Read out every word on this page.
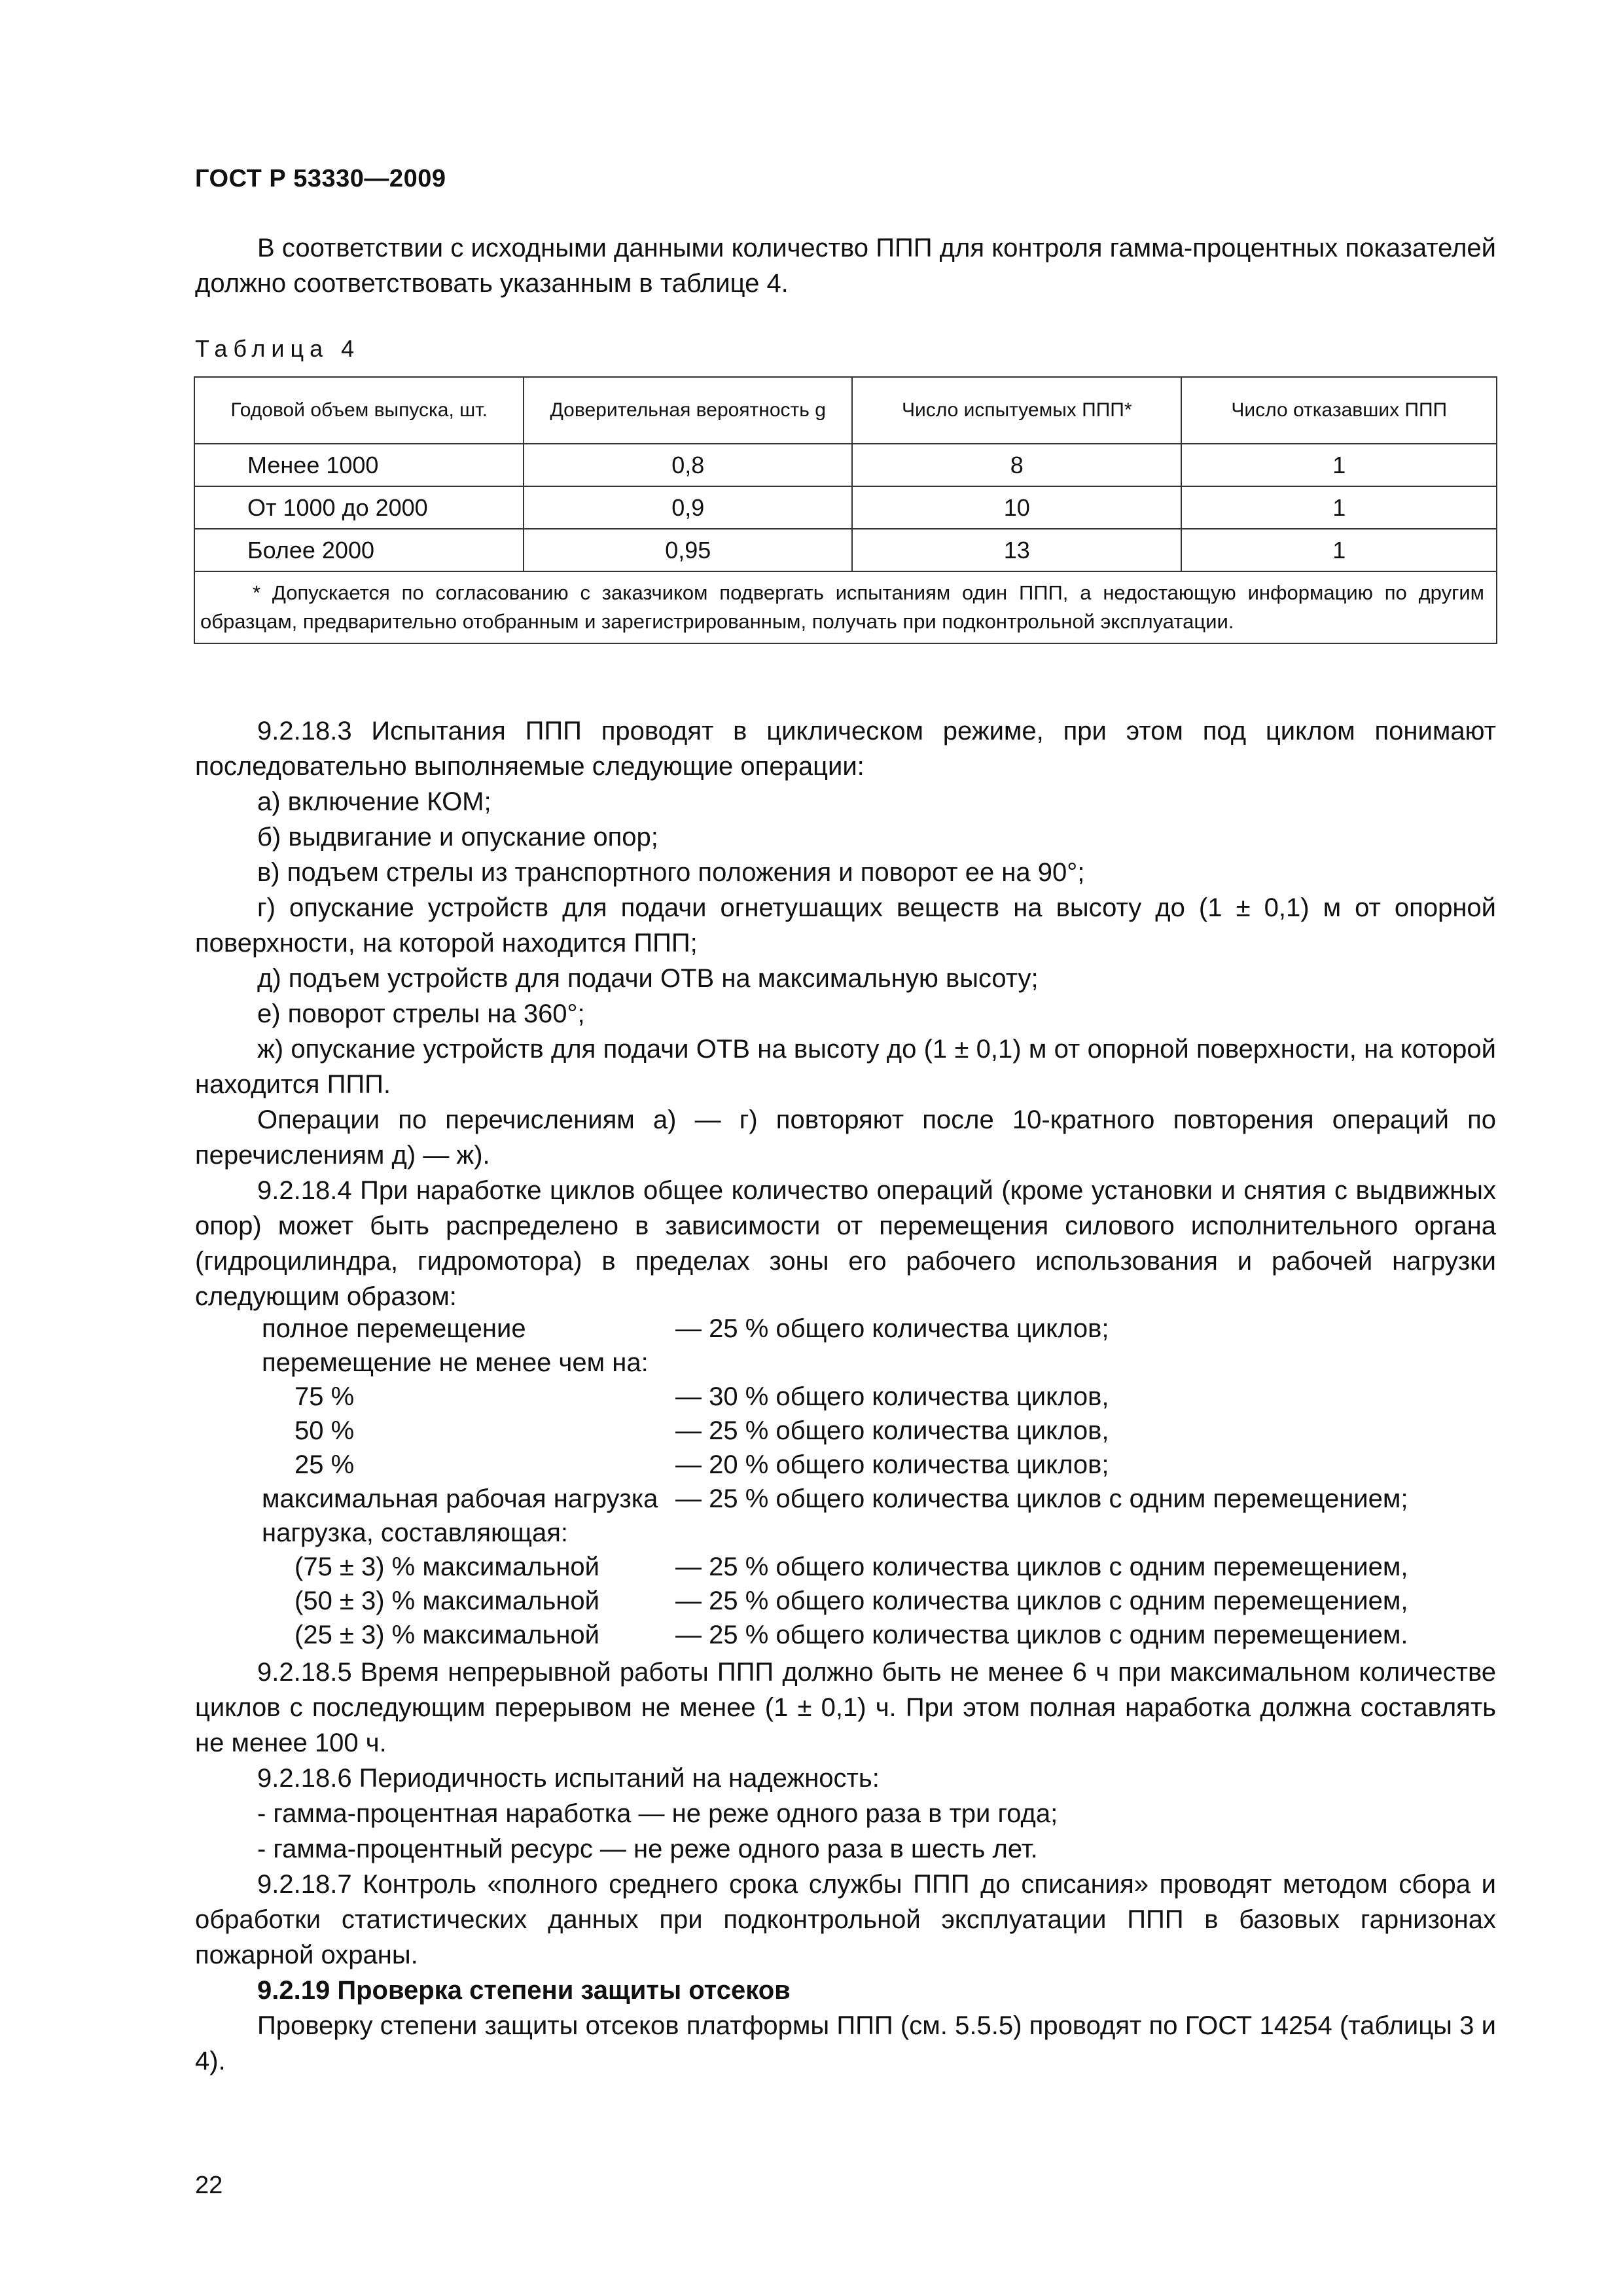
ГОСТ Р 53330—2009
В соответствии с исходными данными количество ППП для контроля гамма-процентных показателей должно соответствовать указанным в таблице 4.
Таблица 4
Годовой объем выпуска, шт.	Доверительная вероятность g	Число испытуемых ППП*	Число отказавших ППП
Менее 1000	0,8	8	1
От 1000 до 2000	0,9	10	1
Более 2000	0,95	13	1
* Допускается по согласованию с заказчиком подвергать испытаниям один ППП, а недостающую информацию по другим образцам, предварительно отобранным и зарегистрированным, получать при подконтрольной эксплуатации.			
9.2.18.3 Испытания ППП проводят в циклическом режиме, при этом под циклом понимают последовательно выполняемые следующие операции:
а) включение КОМ;
б) выдвигание и опускание опор;
в) подъем стрелы из транспортного положения и поворот ее на 90°;
г) опускание устройств для подачи огнетушащих веществ на высоту до (1 ± 0,1) м от опорной поверхности, на которой находится ППП;
д) подъем устройств для подачи ОТВ на максимальную высоту;
е) поворот стрелы на 360°;
ж) опускание устройств для подачи ОТВ на высоту до (1 ± 0,1) м от опорной поверхности, на которой находится ППП.
Операции по перечислениям а) — г) повторяют после 10-кратного повторения операций по перечислениям д) — ж).
9.2.18.4 При наработке циклов общее количество операций (кроме установки и снятия с выдвижных опор) может быть распределено в зависимости от перемещения силового исполнительного органа (гидроцилиндра, гидромотора) в пределах зоны его рабочего использования и рабочей нагрузки следующим образом:
полное перемещение	— 25 % общего количества циклов;
перемещение не менее чем на:
75 %	— 30 % общего количества циклов,
50 %	— 25 % общего количества циклов,
25 %	— 20 % общего количества циклов;
максимальная рабочая нагрузка — 25 % общего количества циклов с одним перемещением;
нагрузка, составляющая:
(75 ± 3) % максимальной	— 25 % общего количества циклов с одним перемещением,
(50 ± 3) % максимальной	— 25 % общего количества циклов с одним перемещением,
(25 ± 3) % максимальной	— 25 % общего количества циклов с одним перемещением.
9.2.18.5 Время непрерывной работы ППП должно быть не менее 6 ч при максимальном количестве циклов с последующим перерывом не менее (1 ± 0,1) ч. При этом полная наработка должна составлять не менее 100 ч.
9.2.18.6 Периодичность испытаний на надежность:
- гамма-процентная наработка — не реже одного раза в три года;
- гамма-процентный ресурс — не реже одного раза в шесть лет.
9.2.18.7 Контроль «полного среднего срока службы ППП до списания» проводят методом сбора и обработки статистических данных при подконтрольной эксплуатации ППП в базовых гарнизонах пожарной охраны.
9.2.19 Проверка степени защиты отсеков
Проверку степени защиты отсеков платформы ППП (см. 5.5.5) проводят по ГОСТ 14254 (таблицы 3 и 4).
22
